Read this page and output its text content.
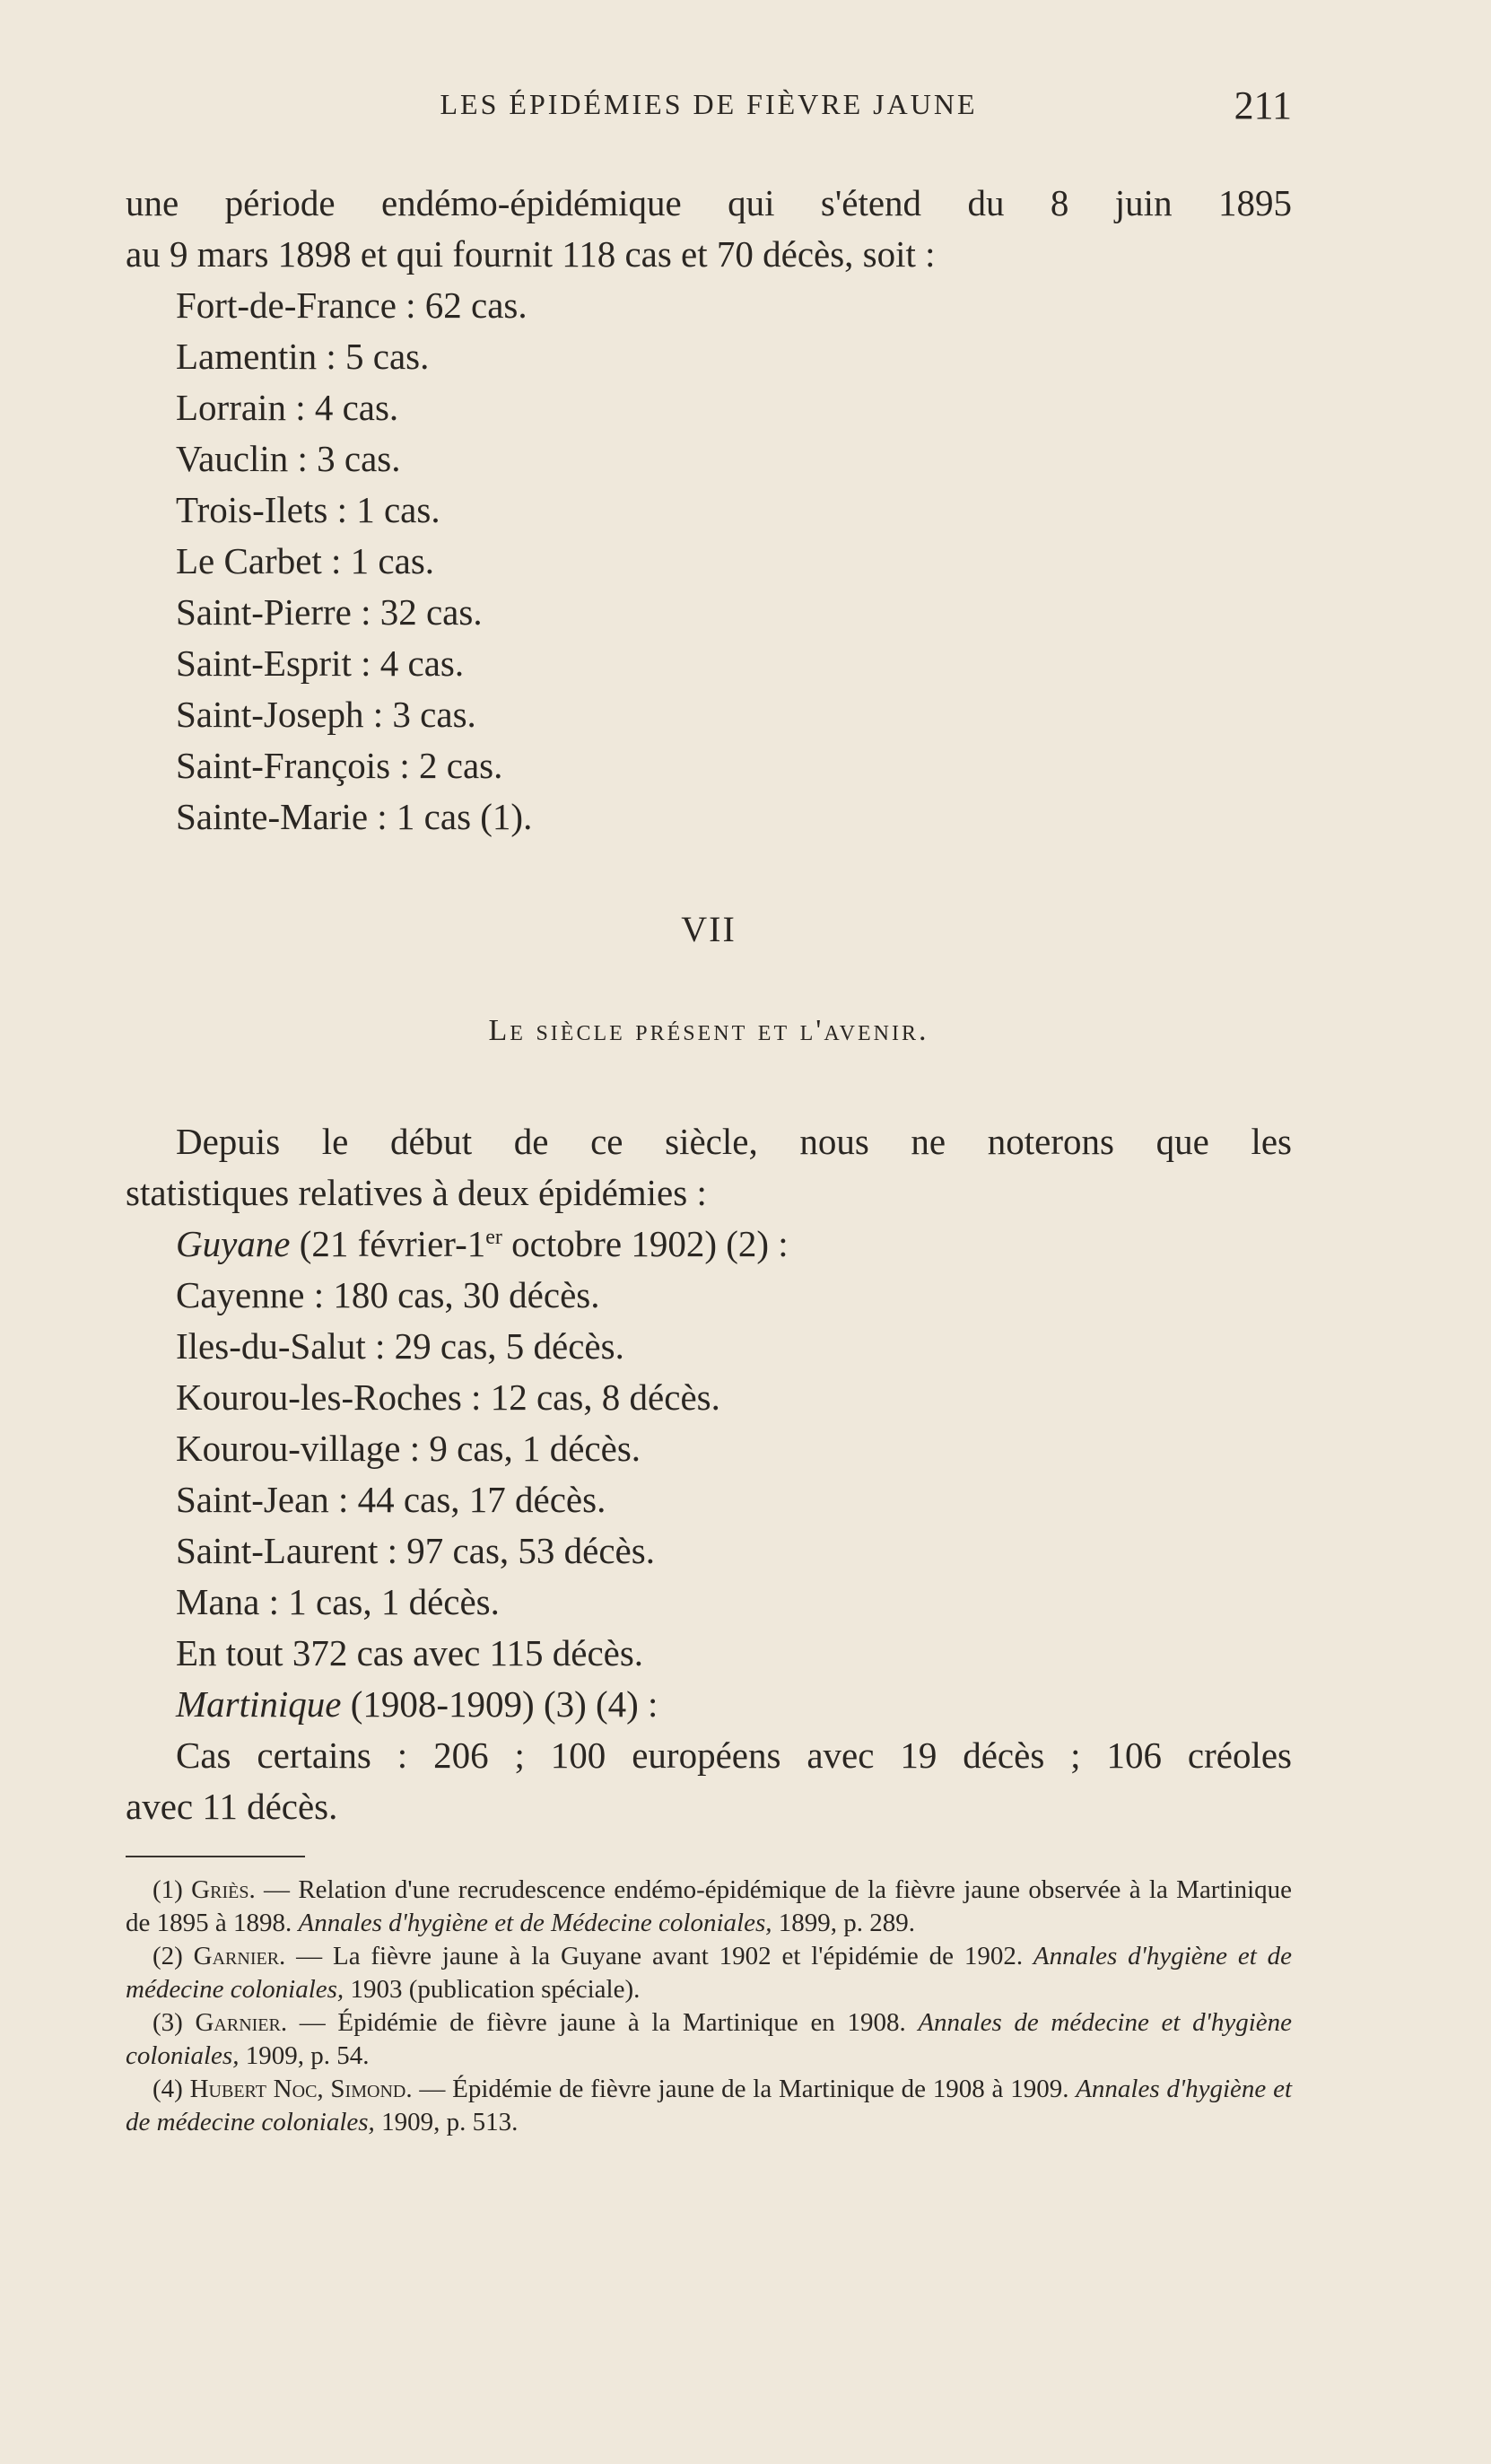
LES ÉPIDÉMIES DE FIÈVRE JAUNE	211
une période endémo-épidémique qui s'étend du 8 juin 1895
au 9 mars 1898 et qui fournit 118 cas et 70 décès, soit :
Fort-de-France : 62 cas.
Lamentin : 5 cas.
Lorrain : 4 cas.
Vauclin : 3 cas.
Trois-Ilets : 1 cas.
Le Carbet : 1 cas.
Saint-Pierre : 32 cas.
Saint-Esprit : 4 cas.
Saint-Joseph : 3 cas.
Saint-François : 2 cas.
Sainte-Marie : 1 cas (1).
VII
Le siècle présent et l'avenir.
Depuis le début de ce siècle, nous ne noterons que les
statistiques relatives à deux épidémies :
Guyane (21 février-1er octobre 1902) (2) :
Cayenne : 180 cas, 30 décès.
Iles-du-Salut : 29 cas, 5 décès.
Kourou-les-Roches : 12 cas, 8 décès.
Kourou-village : 9 cas, 1 décès.
Saint-Jean : 44 cas, 17 décès.
Saint-Laurent : 97 cas, 53 décès.
Mana : 1 cas, 1 décès.
En tout 372 cas avec 115 décès.
Martinique (1908-1909) (3) (4) :
Cas certains : 206 ; 100 européens avec 19 décès ; 106 créoles
avec 11 décès.
(1) Griès. — Relation d'une recrudescence endémo-épidémique de la fièvre jaune observée à la Martinique de 1895 à 1898. Annales d'hygiène et de Médecine coloniales, 1899, p. 289.
(2) Garnier. — La fièvre jaune à la Guyane avant 1902 et l'épidémie de 1902. Annales d'hygiène et de médecine coloniales, 1903 (publication spéciale).
(3) Garnier. — Épidémie de fièvre jaune à la Martinique en 1908. Annales de médecine et d'hygiène coloniales, 1909, p. 54.
(4) Hubert Noc, Simond. — Épidémie de fièvre jaune de la Martinique de 1908 à 1909. Annales d'hygiène et de médecine coloniales, 1909, p. 513.
